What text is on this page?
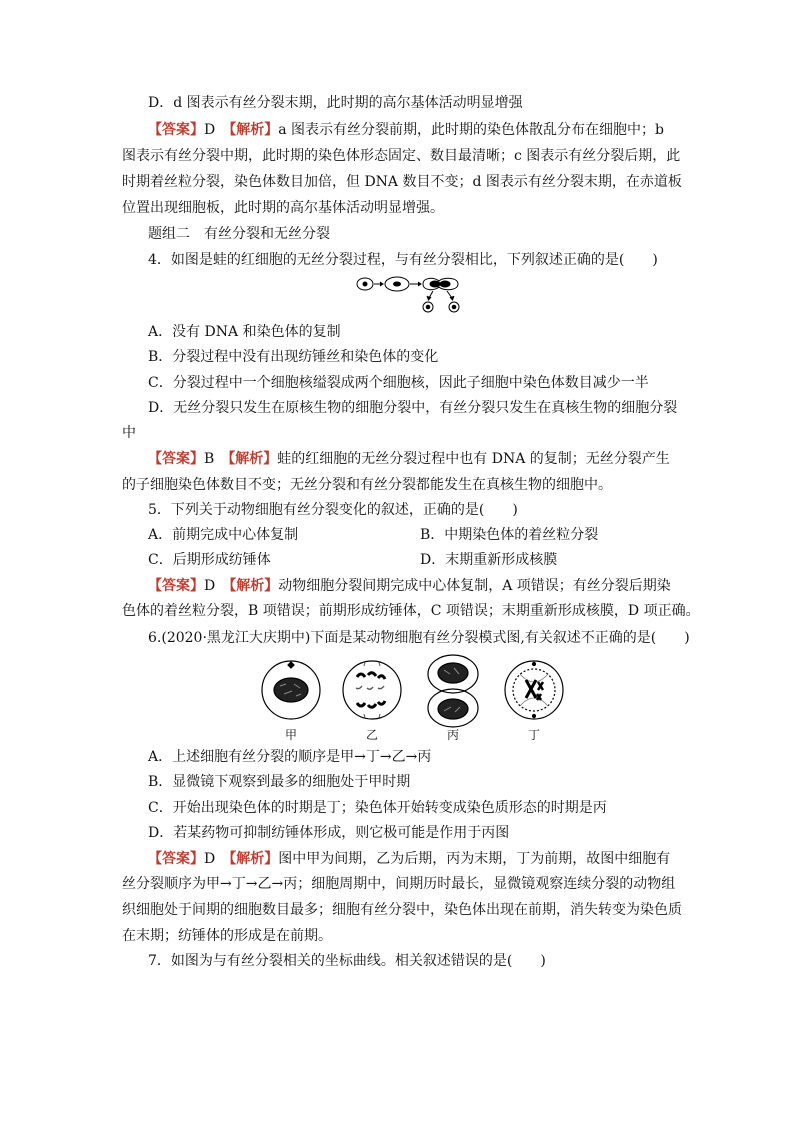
D．d 图表示有丝分裂末期，此时期的高尔基体活动明显增强
【答案】D　 【解析】a 图表示有丝分裂前期，此时期的染色体散乱分布在细胞中；b
图表示有丝分裂中期，此时期的染色体形态固定、数目最清晰；c 图表示有丝分裂后期，此
时期着丝粒分裂，染色体数目加倍，但 DNA 数目不变；d 图表示有丝分裂末期，在赤道板
位置出现细胞板，此时期的高尔基体活动明显增强。
题组二　有丝分裂和无丝分裂
4．如图是蛙的红细胞的无丝分裂过程，与有丝分裂相比，下列叙述正确的是(　　)
A．没有 DNA 和染色体的复制
B．分裂过程中没有出现纺锤丝和染色体的变化
C．分裂过程中一个细胞核缢裂成两个细胞核，因此子细胞中染色体数目减少一半
D．无丝分裂只发生在原核生物的细胞分裂中，有丝分裂只发生在真核生物的细胞分裂
中
【答案】B　 【解析】蛙的红细胞的无丝分裂过程中也有 DNA 的复制；无丝分裂产生
的子细胞染色体数目不变；无丝分裂和有丝分裂都能发生在真核生物的细胞中。
5．下列关于动物细胞有丝分裂变化的叙述，正确的是(　　)
A．前期完成中心体复制	B．中期染色体的着丝粒分裂
C．后期形成纺锤体	D．末期重新形成核膜
【答案】D　 【解析】动物细胞分裂间期完成中心体复制，A 项错误；有丝分裂后期染
色体的着丝粒分裂，B 项错误；前期形成纺锤体，C 项错误；末期重新形成核膜，D 项正确。
6.(2020·黑龙江大庆期中)下面是某动物细胞有丝分裂模式图,有关叙述不正确的是(　　)
甲	乙	丙	丁
A．上述细胞有丝分裂的顺序是甲→丁→乙→丙
B．显微镜下观察到最多的细胞处于甲时期
C．开始出现染色体的时期是丁；染色体开始转变成染色质形态的时期是丙
D．若某药物可抑制纺锤体形成，则它极可能是作用于丙图
【答案】D　 【解析】图中甲为间期，乙为后期，丙为末期，丁为前期，故图中细胞有
丝分裂顺序为甲→丁→乙→丙；细胞周期中，间期历时最长，显微镜观察连续分裂的动物组
织细胞处于间期的细胞数目最多；细胞有丝分裂中，染色体出现在前期，消失转变为染色质
在末期；纺锤体的形成是在前期。
7．如图为与有丝分裂相关的坐标曲线。相关叙述错误的是(　　)
